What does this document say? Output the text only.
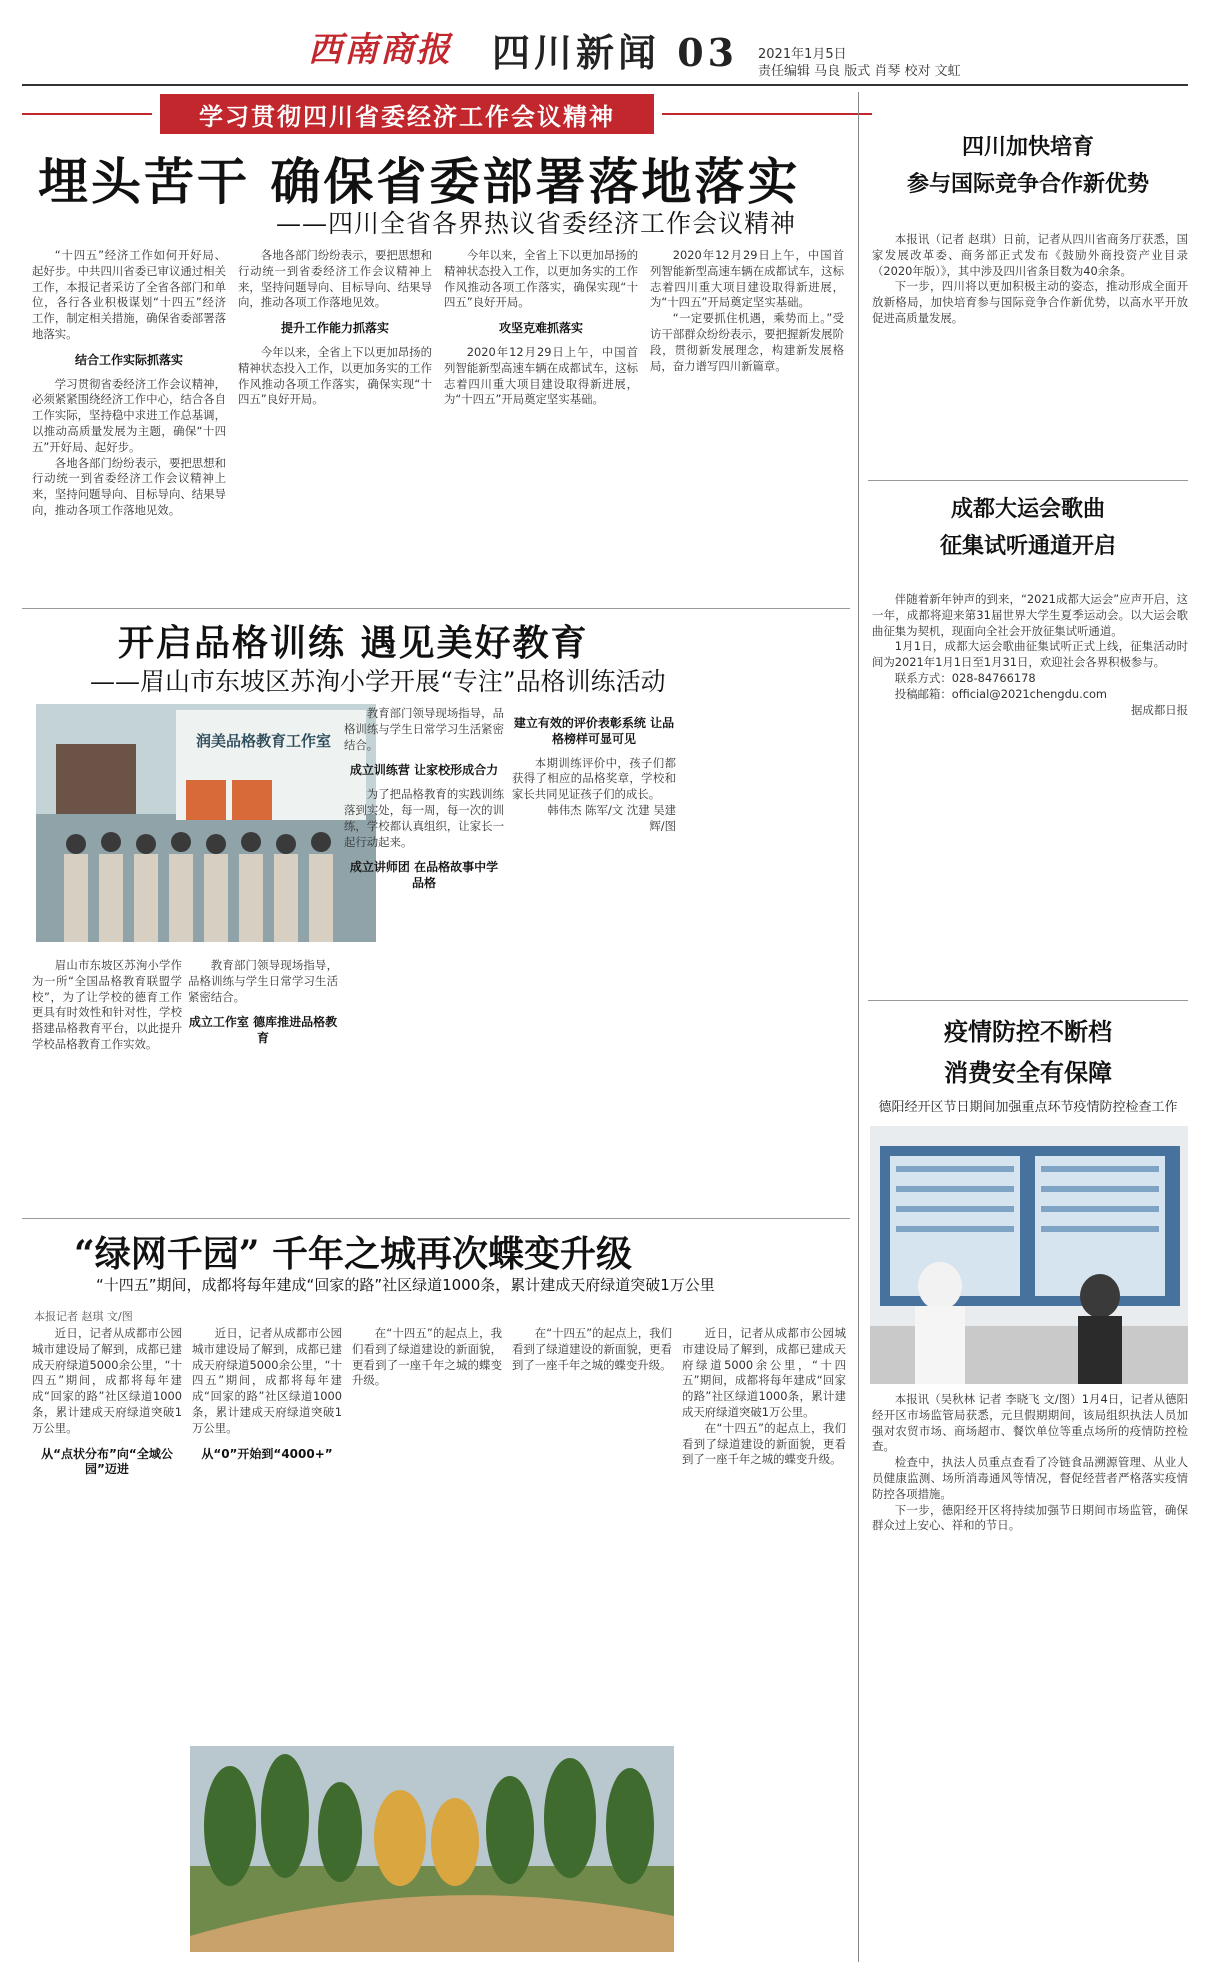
西南商报 四川新闻 03 2021年1月5日
责任编辑 马良 版式 肖琴 校对 文虹
学习贯彻四川省委经济工作会议精神
埋头苦干 确保省委部署落地落实
——四川全省各界热议省委经济工作会议精神

“十四五”经济工作如何开好局、起好步。中共四川省委已审议通过相关工作，本报记者采访了全省各部门和单位，各行各业积极谋划“十四五”经济工作，制定相关措施，确保省委部署落地落实。

结合工作实际抓落实

学习贯彻省委经济工作会议精神，必须紧紧围绕经济工作中心，结合各自工作实际，坚持稳中求进工作总基调，以推动高质量发展为主题，确保“十四五”开好局、起好步。

各地各部门纷纷表示，要把思想和行动统一到省委经济工作会议精神上来，坚持问题导向、目标导向、结果导向，推动各项工作落地见效。

各地各部门纷纷表示，要把思想和行动统一到省委经济工作会议精神上来，坚持问题导向、目标导向、结果导向，推动各项工作落地见效。

提升工作能力抓落实

今年以来，全省上下以更加昂扬的精神状态投入工作，以更加务实的工作作风推动各项工作落实，确保实现“十四五”良好开局。

今年以来，全省上下以更加昂扬的精神状态投入工作，以更加务实的工作作风推动各项工作落实，确保实现“十四五”良好开局。

攻坚克难抓落实

2020年12月29日上午，中国首列智能新型高速车辆在成都试车，这标志着四川重大项目建设取得新进展，为“十四五”开局奠定坚实基础。

2020年12月29日上午，中国首列智能新型高速车辆在成都试车，这标志着四川重大项目建设取得新进展，为“十四五”开局奠定坚实基础。

“一定要抓住机遇，乘势而上。”受访干部群众纷纷表示，要把握新发展阶段，贯彻新发展理念，构建新发展格局，奋力谱写四川新篇章。

四川加快培育
参与国际竞争合作新优势

本报讯（记者 赵琪）日前，记者从四川省商务厅获悉，国家发展改革委、商务部正式发布《鼓励外商投资产业目录（2020年版）》，其中涉及四川省条目数为40余条。

下一步，四川将以更加积极主动的姿态，推动形成全面开放新格局，加快培育参与国际竞争合作新优势，以高水平开放促进高质量发展。

成都大运会歌曲
征集试听通道开启

伴随着新年钟声的到来，“2021成都大运会”应声开启，这一年，成都将迎来第31届世界大学生夏季运动会。以大运会歌曲征集为契机，现面向全社会开放征集试听通道。

1月1日，成都大运会歌曲征集试听正式上线，征集活动时间为2021年1月1日至1月31日，欢迎社会各界积极参与。

联系方式：028-84766178

投稿邮箱：official@2021chengdu.com

据成都日报

疫情防控不断档
消费安全有保障
德阳经开区节日期间加强重点环节疫情防控检查工作

本报讯（吴秋林 记者 李晓飞 文/图）1月4日，记者从德阳经开区市场监管局获悉，元旦假期期间，该局组织执法人员加强对农贸市场、商场超市、餐饮单位等重点场所的疫情防控检查。

检查中，执法人员重点查看了冷链食品溯源管理、从业人员健康监测、场所消毒通风等情况，督促经营者严格落实疫情防控各项措施。

下一步，德阳经开区将持续加强节日期间市场监管，确保群众过上安心、祥和的节日。

开启品格训练 遇见美好教育
——眉山市东坡区苏洵小学开展“专注”品格训练活动
润美品格教育工作室

眉山市东坡区苏洵小学作为一所“全国品格教育联盟学校”，为了让学校的德育工作更具有时效性和针对性，学校搭建品格教育平台，以此提升学校品格教育工作实效。

教育部门领导现场指导，品格训练与学生日常学习生活紧密结合。

成立工作室 德库推进品格教育

教育部门领导现场指导，品格训练与学生日常学习生活紧密结合。

成立训练营 让家校形成合力

为了把品格教育的实践训练落到实处，每一周，每一次的训练，学校都认真组织，让家长一起行动起来。

成立讲师团 在品格故事中学品格

建立有效的评价表彰系统 让品格榜样可显可见

本期训练评价中，孩子们都获得了相应的品格奖章，学校和家长共同见证孩子们的成长。

韩伟杰 陈军/文 沈建 吴建辉/图

“绿网千园” 千年之城再次蝶变升级
“十四五”期间，成都将每年建成“回家的路”社区绿道1000条，累计建成天府绿道突破1万公里
本报记者 赵琪 文/图

近日，记者从成都市公园城市建设局了解到，成都已建成天府绿道5000余公里，“十四五”期间，成都将每年建成“回家的路”社区绿道1000条，累计建成天府绿道突破1万公里。

从“点状分布”向“全域公园”迈进

近日，记者从成都市公园城市建设局了解到，成都已建成天府绿道5000余公里，“十四五”期间，成都将每年建成“回家的路”社区绿道1000条，累计建成天府绿道突破1万公里。

从“0”开始到“4000+”

在“十四五”的起点上，我们看到了绿道建设的新面貌，更看到了一座千年之城的蝶变升级。

在“十四五”的起点上，我们看到了绿道建设的新面貌，更看到了一座千年之城的蝶变升级。

近日，记者从成都市公园城市建设局了解到，成都已建成天府绿道5000余公里，“十四五”期间，成都将每年建成“回家的路”社区绿道1000条，累计建成天府绿道突破1万公里。

在“十四五”的起点上，我们看到了绿道建设的新面貌，更看到了一座千年之城的蝶变升级。
